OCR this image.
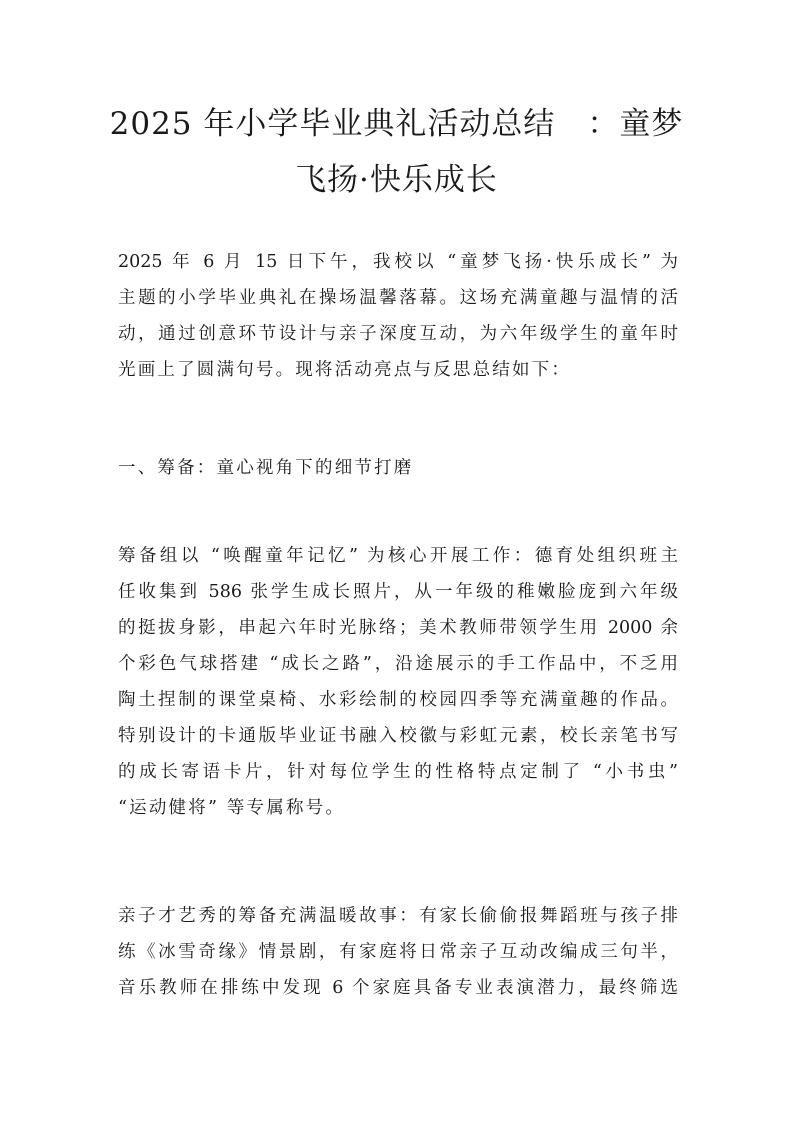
2025 年小学毕业典礼活动总结　：童梦
飞扬·快乐成长
2025 年 6 月 15 日下午，我校以 “童梦飞扬·快乐成长” 为
主题的小学毕业典礼在操场温馨落幕。这场充满童趣与温情的活
动，通过创意环节设计与亲子深度互动，为六年级学生的童年时
光画上了圆满句号。现将活动亮点与反思总结如下：
一、筹备：童心视角下的细节打磨
筹备组以 “唤醒童年记忆” 为核心开展工作：德育处组织班主
任收集到 586 张学生成长照片，从一年级的稚嫩脸庞到六年级
的挺拔身影，串起六年时光脉络；美术教师带领学生用 2000 余
个彩色气球搭建 “成长之路”，沿途展示的手工作品中，不乏用
陶土捏制的课堂桌椅、水彩绘制的校园四季等充满童趣的作品。
特别设计的卡通版毕业证书融入校徽与彩虹元素，校长亲笔书写
的成长寄语卡片，针对每位学生的性格特点定制了 “小书虫”
“运动健将” 等专属称号。
亲子才艺秀的筹备充满温暖故事：有家长偷偷报舞蹈班与孩子排
练《冰雪奇缘》情景剧，有家庭将日常亲子互动改编成三句半，
音乐教师在排练中发现 6 个家庭具备专业表演潜力，最终筛选
